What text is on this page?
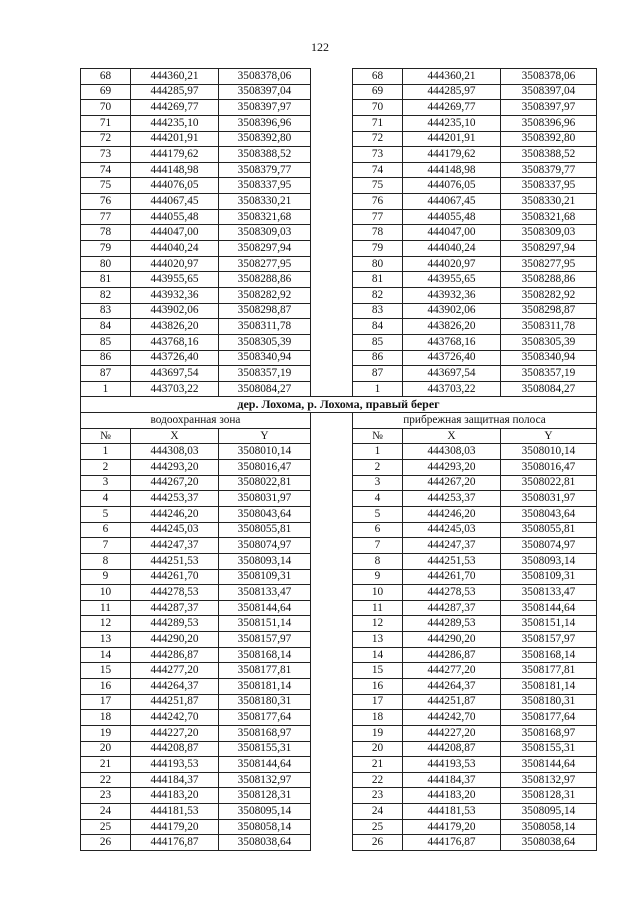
122
68	444360,21	3508378,06		68	444360,21	3508378,06
69	444285,97	3508397,04		69	444285,97	3508397,04
70	444269,77	3508397,97		70	444269,77	3508397,97
71	444235,10	3508396,96		71	444235,10	3508396,96
72	444201,91	3508392,80		72	444201,91	3508392,80
73	444179,62	3508388,52		73	444179,62	3508388,52
74	444148,98	3508379,77		74	444148,98	3508379,77
75	444076,05	3508337,95		75	444076,05	3508337,95
76	444067,45	3508330,21		76	444067,45	3508330,21
77	444055,48	3508321,68		77	444055,48	3508321,68
78	444047,00	3508309,03		78	444047,00	3508309,03
79	444040,24	3508297,94		79	444040,24	3508297,94
80	444020,97	3508277,95		80	444020,97	3508277,95
81	443955,65	3508288,86		81	443955,65	3508288,86
82	443932,36	3508282,92		82	443932,36	3508282,92
83	443902,06	3508298,87		83	443902,06	3508298,87
84	443826,20	3508311,78		84	443826,20	3508311,78
85	443768,16	3508305,39		85	443768,16	3508305,39
86	443726,40	3508340,94		86	443726,40	3508340,94
87	443697,54	3508357,19		87	443697,54	3508357,19
1	443703,22	3508084,27		1	443703,22	3508084,27
дер. Лохома, р. Лохома, правый берег						
водоохранная зона				прибрежная защитная полоса		
№	X	Y		№	X	Y
1	444308,03	3508010,14		1	444308,03	3508010,14
2	444293,20	3508016,47		2	444293,20	3508016,47
3	444267,20	3508022,81		3	444267,20	3508022,81
4	444253,37	3508031,97		4	444253,37	3508031,97
5	444246,20	3508043,64		5	444246,20	3508043,64
6	444245,03	3508055,81		6	444245,03	3508055,81
7	444247,37	3508074,97		7	444247,37	3508074,97
8	444251,53	3508093,14		8	444251,53	3508093,14
9	444261,70	3508109,31		9	444261,70	3508109,31
10	444278,53	3508133,47		10	444278,53	3508133,47
11	444287,37	3508144,64		11	444287,37	3508144,64
12	444289,53	3508151,14		12	444289,53	3508151,14
13	444290,20	3508157,97		13	444290,20	3508157,97
14	444286,87	3508168,14		14	444286,87	3508168,14
15	444277,20	3508177,81		15	444277,20	3508177,81
16	444264,37	3508181,14		16	444264,37	3508181,14
17	444251,87	3508180,31		17	444251,87	3508180,31
18	444242,70	3508177,64		18	444242,70	3508177,64
19	444227,20	3508168,97		19	444227,20	3508168,97
20	444208,87	3508155,31		20	444208,87	3508155,31
21	444193,53	3508144,64		21	444193,53	3508144,64
22	444184,37	3508132,97		22	444184,37	3508132,97
23	444183,20	3508128,31		23	444183,20	3508128,31
24	444181,53	3508095,14		24	444181,53	3508095,14
25	444179,20	3508058,14		25	444179,20	3508058,14
26	444176,87	3508038,64		26	444176,87	3508038,64
